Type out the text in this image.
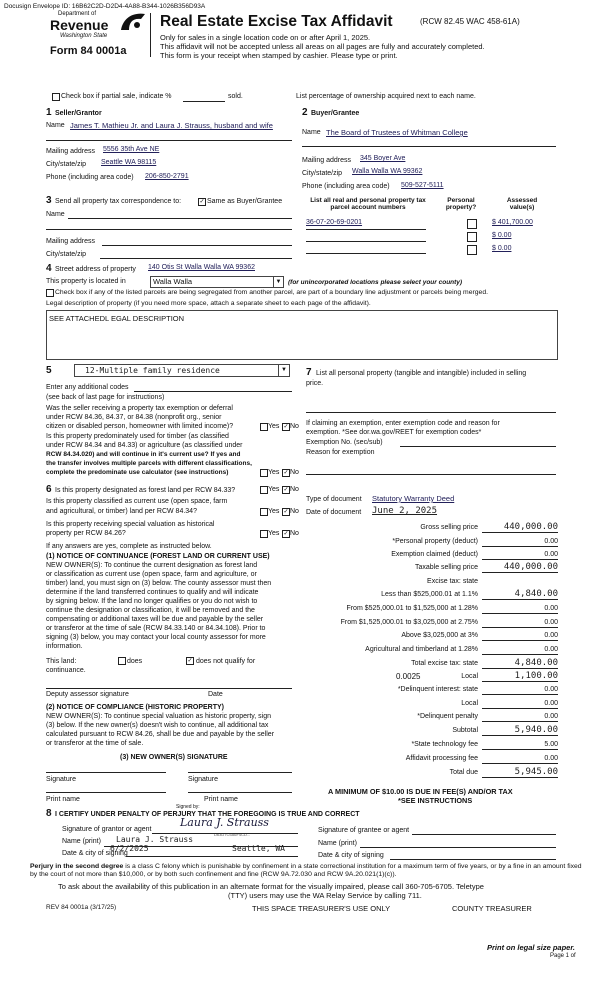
Docusign Envelope ID: 16B62C2D-D2D4-4A88-B344-1026B356D93A
Department of
Revenue
Washington State
Form 84 0001a
Real Estate Excise Tax Affidavit	(RCW 82.45 WAC 458-61A)
Only for sales in a single location code on or after April 1, 2025.
This affidavit will not be accepted unless all areas on all pages are fully and accurately completed.
This form is your receipt when stamped by cashier. Please type or print.
Check box if partial sale, indicate %	sold.	List percentage of ownership acquired next to each name.
1 Seller/Grantor
Name James T. Mathieu Jr. and Laura J. Strauss, husband and wife
Mailing address 5556 35th Ave NE
City/state/zip Seattle WA 98115
Phone (including area code) 206-850-2791
2 Buyer/Grantee
Name The Board of Trustees of Whitman College
Mailing address 345 Boyer Ave
City/state/zip Walla Walla WA 99362
Phone (including area code) 509-527-5111
3 Send all property tax correspondence to:	✓ Same as Buyer/Grantee
Name
Mailing address
City/state/zip
List all real and personal property tax parcel account numbers
Personal property?
Assessed value(s)
36-07-20-69-0201	$ 401,700.00
$ 0.00
$ 0.00
4 Street address of property 140 Otis St Walla Walla WA 99362
This property is located in	Walla Walla	▼ (for unincorporated locations please select your county)
Check box if any of the listed parcels are being segregated from another parcel, are part of a boundary line adjustment or parcels being merged.
Legal description of property (if you need more space, attach a separate sheet to each page of the affidavit).
SEE ATTACHEDL EGAL DESCRIPTION
5	12-Multiple family residence	▼
Enter any additional codes
(see back of last page for instructions)
Was the seller receiving a property tax exemption or deferral
under RCW 84.36, 84.37, or 84.38 (nonprofit org., senior
citizen or disabled person, homeowner with limited income)?	Yes ✓ No
Is this property predominately used for timber (as classified
under RCW 84.34 and 84.33) or agriculture (as classified under
RCW 84.34.020) and will continue in it's current use? If yes and
the transfer involves multiple parcels with different classifications,
complete the predominate use calculator (see instructions)	Yes ✓ No
6 Is this property designated as forest land per RCW 84.33?	Yes ✓ No
Is this property classified as current use (open space, farm
and agricultural, or timber) land per RCW 84.34?	Yes ✓ No
Is this property receiving special valuation as historical
property per RCW 84.26?	Yes ✓ No
If any answers are yes, complete as instructed below.
(1) NOTICE OF CONTINUANCE (FOREST LAND OR CURRENT USE)
NEW OWNER(S): To continue the current designation as forest land
or classification as current use (open space, farm and agriculture, or
timber) land, you must sign on (3) below. The county assessor must then
determine if the land transferred continues to qualify and will indicate
by signing below. If the land no longer qualifies or you do not wish to
continue the designation or classification, it will be removed and the
compensating or additional taxes will be due and payable by the seller
or transferor at the time of sale (RCW 84.33.140 or 84.34.108). Prior to
signing (3) below, you may contact your local county assessor for more
information.
This land:	does	✓ does not qualify for
continuance.
Deputy assessor signature	Date
(2) NOTICE OF COMPLIANCE (HISTORIC PROPERTY)
NEW OWNER(S): To continue special valuation as historic property, sign
(3) below. If the new owner(s) doesn't wish to continue, all additional tax
calculated pursuant to RCW 84.26, shall be due and payable by the seller
or transferor at the time of sale.
(3) NEW OWNER(S) SIGNATURE
Signature	Signature
Print name	Print name
7 List all personal property (tangible and intangible) included in selling
price.
If claiming an exemption, enter exemption code and reason for
exemption. *See dor.wa.gov/REET for exemption codes*
Exemption No. (sec/sub)
Reason for exemption
Type of document Statutory Warranty Deed
Date of document June 2, 2025
Gross selling price	440,000.00
*Personal property (deduct)	0.00
Exemption claimed (deduct)	0.00
Taxable selling price	440,000.00
Excise tax: state
Less than $525,000.01 at 1.1%	4,840.00
From $525,000.01 to $1,525,000 at 1.28%	0.00
From $1,525,000.01 to $3,025,000 at 2.75%	0.00
Above $3,025,000 at 3%	0.00
Agricultural and timberland at 1.28%	0.00
Total excise tax: state	4,840.00
Local
0.0025	1,100.00
*Delinquent interest: state	0.00
Local	0.00
*Delinquent penalty	0.00
Subtotal	5,940.00
*State technology fee	5.00
Affidavit processing fee	0.00
Total due	5,945.00
A MINIMUM OF $10.00 IS DUE IN FEE(S) AND/OR TAX
*SEE INSTRUCTIONS
8 I CERTIFY UNDER PENALTY OF PERJURY THAT THE FOREGOING IS TRUE AND CORRECT
Signed by:
Laura J. Strauss
D63D7C5A6F4CD...
Signature of grantor or agent
Name (print) Laura J. Strauss
Date & city of signing
6/2/2025	Seattle, WA
Signature of grantee or agent
Name (print)
Date & city of signing
Perjury in the second degree is a class C felony which is punishable by confinement in a state correctional institution for a maximum term of five years, or by a fine in an amount fixed by the court of not more than $10,000, or by both such confinement and fine (RCW 9A.72.030 and RCW 9A.20.021(1)(c)).
To ask about the availability of this publication in an alternate format for the visually impaired, please call 360-705-6705. Teletype
(TTY) users may use the WA Relay Service by calling 711.
REV 84 0001a (3/17/25)	THIS SPACE TREASURER'S USE ONLY	COUNTY TREASURER
Print on legal size paper.
Page 1 of
